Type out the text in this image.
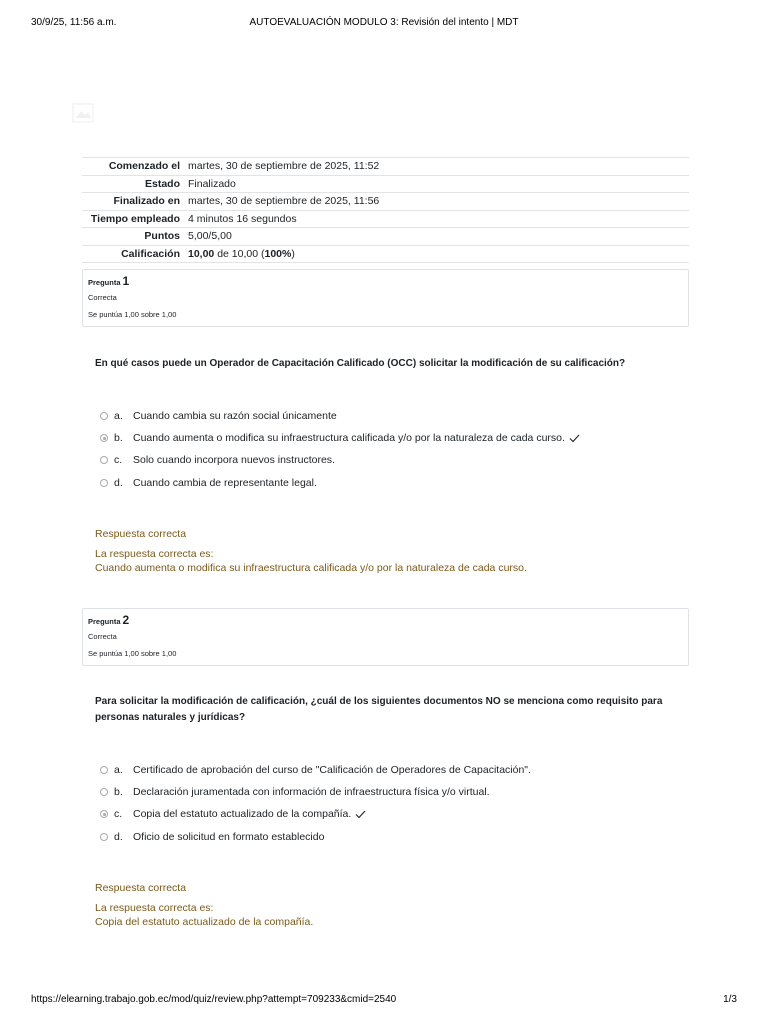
30/9/25, 11:56 a.m.	AUTOEVALUACIÓN MODULO 3: Revisión del intento | MDT
Comenzado el	martes, 30 de septiembre de 2025, 11:52
Estado	Finalizado
Finalizado en	martes, 30 de septiembre de 2025, 11:56
Tiempo empleado	4 minutos 16 segundos
Puntos	5,00/5,00
Calificación	10,00 de 10,00 (100%)
Pregunta 1
Correcta
Se puntúa 1,00 sobre 1,00
En qué casos puede un Operador de Capacitación Calificado (OCC) solicitar la modificación de su calificación?
a. Cuando cambia su razón social únicamente
b. Cuando aumenta o modifica su infraestructura calificada y/o por la naturaleza de cada curso.
c.	Solo cuando incorpora nuevos instructores.
d. Cuando cambia de representante legal.
Respuesta correcta
La respuesta correcta es:
Cuando aumenta o modifica su infraestructura calificada y/o por la naturaleza de cada curso.
Pregunta 2
Correcta
Se puntúa 1,00 sobre 1,00
Para solicitar la modificación de calificación, ¿cuál de los siguientes documentos NO se menciona como requisito para personas naturales y jurídicas?
a. Certificado de aprobación del curso de "Calificación de Operadores de Capacitación".
b. Declaración juramentada con información de infraestructura física y/o virtual.
c.	Copia del estatuto actualizado de la compañía.
d. Oficio de solicitud en formato establecido
Respuesta correcta
La respuesta correcta es:
Copia del estatuto actualizado de la compañía.
https://elearning.trabajo.gob.ec/mod/quiz/review.php?attempt=709233&cmid=2540	1/3
